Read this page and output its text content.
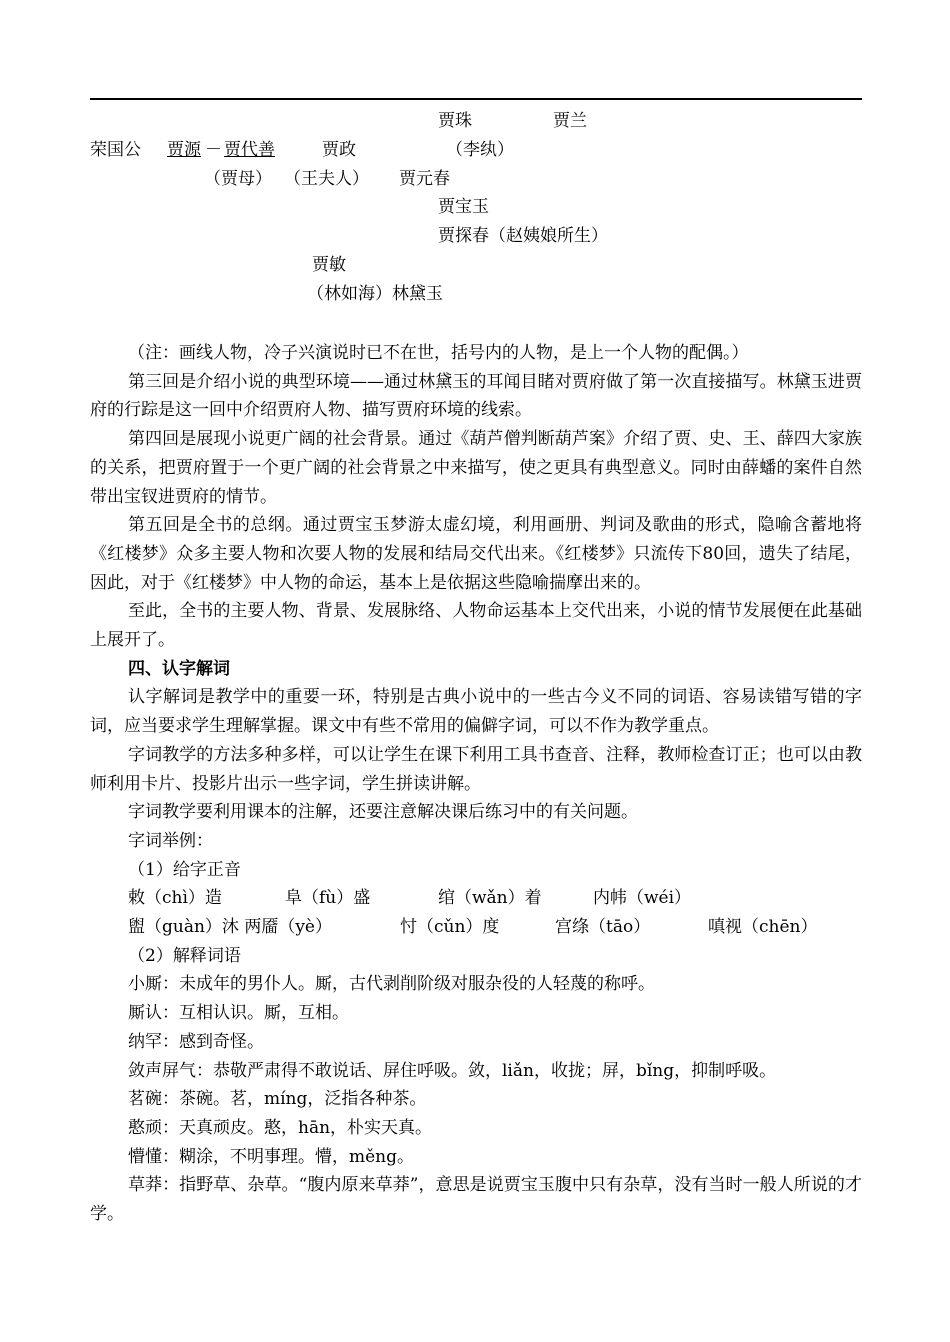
贾珠	贾兰
荣国公 贾源 － 贾代善	贾政	（李纨）
（贾母） （王夫人） 贾元春
贾宝玉
贾探春（赵姨娘所生）
贾敏
（林如海）林黛玉

（注：画线人物，冷子兴演说时已不在世，括号内的人物，是上一个人物的配偶。）

第三回是介绍小说的典型环境——通过林黛玉的耳闻目睹对贾府做了第一次直接描写。林黛玉进贾府的行踪是这一回中介绍贾府人物、描写贾府环境的线索。

第四回是展现小说更广阔的社会背景。通过《葫芦僧判断葫芦案》介绍了贾、史、王、薛四大家族的关系，把贾府置于一个更广阔的社会背景之中来描写，使之更具有典型意义。同时由薛蟠的案件自然带出宝钗进贾府的情节。

第五回是全书的总纲。通过贾宝玉梦游太虚幻境，利用画册、判词及歌曲的形式，隐喻含蓄地将《红楼梦》众多主要人物和次要人物的发展和结局交代出来。《红楼梦》只流传下80回，遗失了结尾，因此，对于《红楼梦》中人物的命运，基本上是依据这些隐喻揣摩出来的。

至此，全书的主要人物、背景、发展脉络、人物命运基本上交代出来，小说的情节发展便在此基础上展开了。

四、认字解词

认字解词是教学中的重要一环，特别是古典小说中的一些古今义不同的词语、容易读错写错的字词，应当要求学生理解掌握。课文中有些不常用的偏僻字词，可以不作为教学重点。

字词教学的方法多种多样，可以让学生在课下利用工具书查音、注释，教师检查订正；也可以由教师利用卡片、投影片出示一些字词，学生拼读讲解。

字词教学要利用课本的注解，还要注意解决课后练习中的有关问题。

字词举例：

（1）给字正音

敕（chì）造	阜（fù）盛	绾（wǎn）着	内帏（wéi）
盥（guàn）沐 两靥（yè）	忖（cǔn）度	宫绦（tāo）	嗔视（chēn）

（2）解释词语

小厮：未成年的男仆人。厮，古代剥削阶级对服杂役的人轻蔑的称呼。

厮认：互相认识。厮，互相。

纳罕：感到奇怪。

敛声屏气：恭敬严肃得不敢说话、屏住呼吸。敛，liǎn，收拢；屏，bǐng，抑制呼吸。

茗碗：茶碗。茗，míng，泛指各种茶。

憨顽：天真顽皮。憨，hān，朴实天真。

懵懂：糊涂，不明事理。懵，měng。

草莽：指野草、杂草。“腹内原来草莽”，意思是说贾宝玉腹中只有杂草，没有当时一般人所说的才学。
